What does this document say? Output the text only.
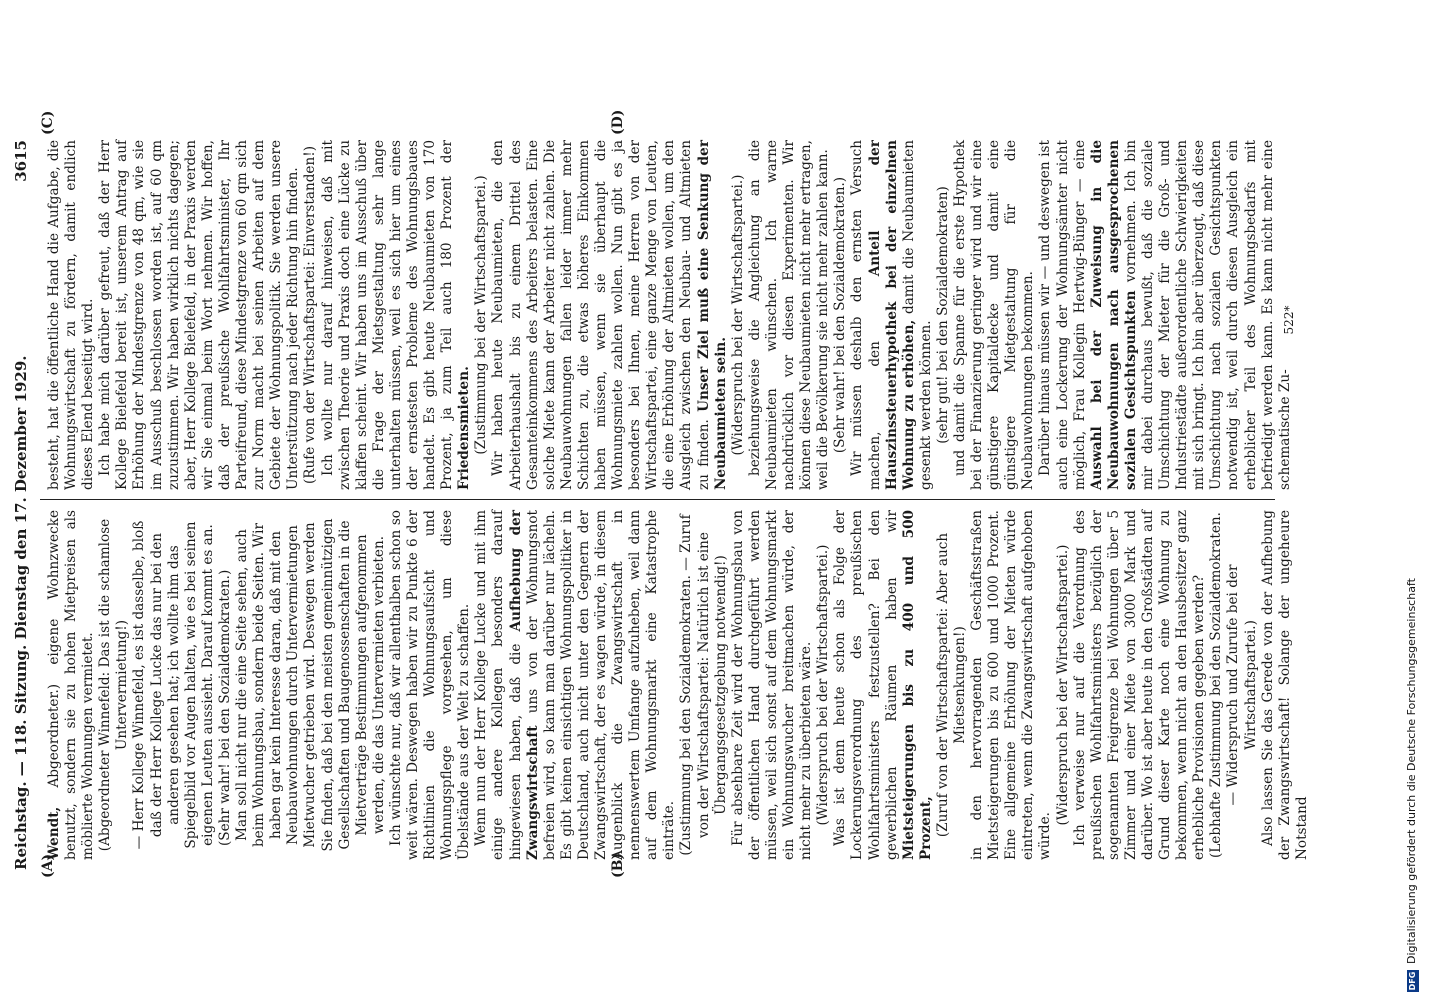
Reichstag. — 118. Sitzung. Dienstag den 17. Dezember 1929.
3615
(A)	(B)
(C)	(D)

Wendt, Abgeordneter.) eigene Wohnzwecke benutzt, sondern sie zu hohen Mietpreisen als möblierte Wohnungen vermietet. (Abgeordneter Winnefeld: Das ist die schamlose Untervermietung!) — Herr Kollege Winnefeld, es ist dasselbe, bloß daß der Herr Kollege Lucke das nur bei den anderen gesehen hat; ich wollte ihm das Spiegelbild vor Augen halten, wie es bei seinen eigenen Leuten aussieht. Darauf kommt es an. (Sehr wahr! bei den Sozialdemokraten.) Man soll nicht nur die eine Seite sehen, auch beim Wohnungsbau, sondern beide Seiten. Wir haben gar kein Interesse daran, daß mit den Neubauwohnungen durch Untervermietungen Mietwucher getrieben wird. Deswegen werden Sie finden, daß bei den meisten gemeinnützigen Gesellschaften und Baugenossenschaften in die Mietverträge Bestimmungen aufgenommen werden, die das Untervermieten verbieten. Ich wünschte nur, daß wir allenthalben schon so weit wären. Deswegen haben wir zu Punkte 6 der Richtlinien die Wohnungsaufsicht und Wohnungspflege vorgesehen, um diese Übelstände aus der Welt zu schaffen. Wenn nun der Herr Kollege Lucke und mit ihm einige andere Kollegen besonders darauf hingewiesen haben, daß die Aufhebung der Zwangswirtschaft uns von der Wohnungsnot befreien wird, so kann man darüber nur lächeln. Es gibt keinen einsichtigen Wohnungspolitiker in Deutschland, auch nicht unter den Gegnern der Zwangswirtschaft, der es wagen würde, in diesem Augenblick die Zwangswirtschaft in nennenswertem Umfange aufzuheben, weil dann auf dem Wohnungsmarkt eine Katastrophe einträte. (Zustimmung bei den Sozialdemokraten. — Zuruf von der Wirtschaftspartei: Natürlich ist eine Übergangsgesetzgebung notwendig!) Für absehbare Zeit wird der Wohnungsbau von der öffentlichen Hand durchgeführt werden müssen, weil sich sonst auf dem Wohnungsmarkt ein Wohnungswucher breitmachen würde, der nicht mehr zu überbieten wäre. (Widerspruch bei der Wirtschaftspartei.) Was ist denn heute schon als Folge der Lockerungsverordnung des preußischen Wohlfahrtsministers festzustellen? Bei den gewerblichen Räumen haben wir Mietsteigerungen bis zu 400 und 500 Prozent, (Zuruf von der Wirtschaftspartei: Aber auch Mietsenkungen!) in den hervorragenden Geschäftsstraßen Mietsteigerungen bis zu 600 und 1000 Prozent. Eine allgemeine Erhöhung der Mieten würde eintreten, wenn die Zwangswirtschaft aufgehoben würde.

(Widerspruch bei der Wirtschaftspartei.) Ich verweise nur auf die Verordnung des preußischen Wohlfahrtsministers bezüglich der sogenannten Freigrenze bei Wohnungen über 5 Zimmer und einer Miete von 3000 Mark und darüber. Wo ist aber heute in den Großstädten auf Grund dieser Karte noch eine Wohnung zu bekommen, wenn nicht an den Hausbesitzer ganz erhebliche Provisionen gegeben werden? (Lebhafte Zustimmung bei den Sozialdemokraten. — Widerspruch und Zurufe bei der Wirtschaftspartei.) Also lassen Sie das Gerede von der Aufhebung der Zwangswirtschaft! Solange der ungeheure Notstand

besteht, hat die öffentliche Hand die Aufgabe, die Wohnungswirtschaft zu fördern, damit endlich dieses Elend beseitigt wird. Ich habe mich darüber gefreut, daß der Herr Kollege Bielefeld bereit ist, unserem Antrag auf Erhöhung der Mindestgrenze von 48 qm, wie sie im Ausschuß beschlossen worden ist, auf 60 qm zuzustimmen. Wir haben wirklich nichts dagegen; aber, Herr Kollege Bielefeld, in der Praxis werden wir Sie einmal beim Wort nehmen. Wir hoffen, daß der preußische Wohlfahrtsminister, Ihr Parteifreund, diese Mindestgrenze von 60 qm sich zur Norm macht bei seinen Arbeiten auf dem Gebiete der Wohnungspolitik. Sie werden unsere Unterstützung nach jeder Richtung hin finden. (Rufe von der Wirtschaftspartei: Einverstanden!) Ich wollte nur darauf hinweisen, daß mit zwischen Theorie und Praxis doch eine Lücke zu klaffen scheint. Wir haben uns im Ausschuß über die Frage der Mietsgestaltung sehr lange unterhalten müssen, weil es sich hier um eines der ernstesten Probleme des Wohnungsbaues handelt. Es gibt heute Neubaumieten von 170 Prozent, ja zum Teil auch 180 Prozent der Friedensmieten. (Zustimmung bei der Wirtschaftspartei.) Wir haben heute Neubaumieten, die den Arbeiterhaushalt bis zu einem Drittel des Gesamteinkommens des Arbeiters belasten. Eine solche Miete kann der Arbeiter nicht zahlen. Die Neubauwohnungen fallen leider immer mehr Schichten zu, die etwas höheres Einkommen haben müssen, wenn sie überhaupt die Wohnungsmiete zahlen wollen. Nun gibt es ja besonders bei Ihnen, meine Herren von der Wirtschaftspartei, eine ganze Menge von Leuten, die eine Erhöhung der Altmieten wollen, um den Ausgleich zwischen den Neubau- und Altmieten zu finden. Unser Ziel muß eine Senkung der Neubaumieten sein. (Widerspruch bei der Wirtschaftspartei.) beziehungsweise die Angleichung an die Neubaumieten wünschen. Ich warne nachdrücklich vor diesen Experimenten. Wir können diese Neubaumieten nicht mehr ertragen, weil die Bevölkerung sie nicht mehr zahlen kann. (Sehr wahr! bei den Sozialdemokraten.) Wir müssen deshalb den ernsten Versuch machen, den Anteil der Hauszinssteuerhypothek bei der einzelnen Wohnung zu erhöhen, damit die Neubaumieten gesenkt werden können. (sehr gut! bei den Sozialdemokraten) und damit die Spanne für die erste Hypothek bei der Finanzierung geringer wird und wir eine günstigere Kapitaldecke und damit eine günstigere Mietgestaltung für die Neubauwohnungen bekommen. Darüber hinaus müssen wir — und deswegen ist auch eine Lockerung der Wohnungsämter nicht möglich, Frau Kollegin Hertwig-Bünger — eine Auswahl bei der Zuweisung in die Neubauwohnungen nach ausgesprochenen sozialen Gesichtspunkten vornehmen. Ich bin mir dabei durchaus bewußt, daß die soziale Umschichtung der Mieter für die Groß- und Industriestädte außerordentliche Schwierigkeiten mit sich bringt. Ich bin aber überzeugt, daß diese Umschichtung nach sozialen Gesichtspunkten notwendig ist, weil durch diesen Ausgleich ein erheblicher Teil des Wohnungsbedarfs mit befriedigt werden kann. Es kann nicht mehr eine schematische Zu-

522*
DFG
Digitalisierung gefördert durch die Deutsche Forschungsgemeinschaft
